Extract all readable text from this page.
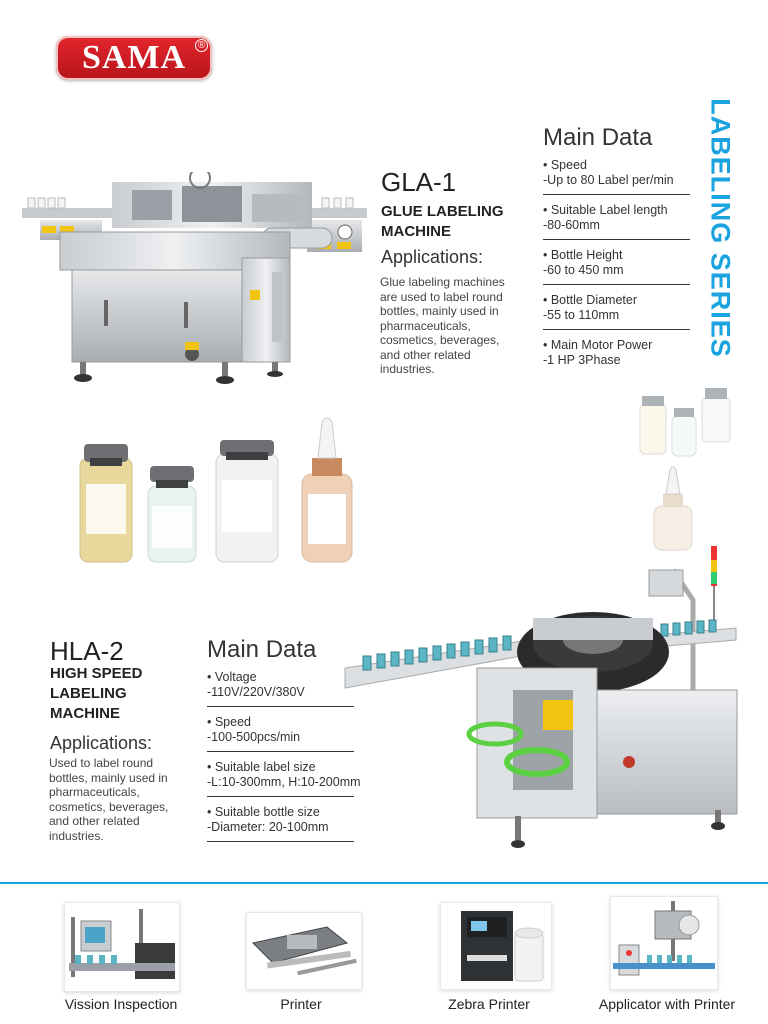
SAMA ®
LABELING SERIES
GLA-1
GLUE LABELING
MACHINE
Applications:
Glue labeling machines
are used to label round
bottles, mainly used in
pharmaceuticals,
cosmetics, beverages,
and other related
industries.
Main Data
• Speed
-Up to 80 Label per/min
• Suitable Label length
-80-60mm
• Bottle Height
-60 to 450 mm
• Bottle Diameter
-55 to 110mm
• Main Motor Power
-1 HP 3Phase
HLA-2
HIGH SPEED
LABELING
MACHINE
Applications:
Used to label round
bottles, mainly used in
pharmaceuticals,
cosmetics, beverages,
and other related
industries.
Main Data
• Voltage
-110V/220V/380V
• Speed
-100-500pcs/min
• Suitable label size
-L:10-300mm, H:10-200mm
• Suitable bottle size
-Diameter: 20-100mm
Vission Inspection	Printer	Zebra Printer	Applicator with Printer
